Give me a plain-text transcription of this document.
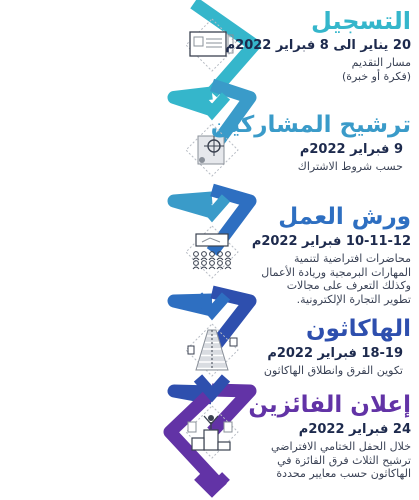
التسجيل
20 يناير الى 8 فبراير 2022م
مسار التقديم
(فكرة أو خبرة)
ترشيح المشاركين
9 فبراير 2022م
حسب شروط الاشتراك
ورش العمل
10-11-12 فبراير 2022م
محاضرات افتراضية لتنمية
المهارات البرمجية وريادة الأعمال
وكذلك التعرف على مجالات
تطوير التجارة الإلكترونية.
الهاكاثون
18-19 فبراير 2022م
تكوين الفرق وانطلاق الهاكاثون
إعلان الفائزين
24 فبراير 2022م
خلال الحفل الختامي الافتراضي
ترشيح الثلاث فرق الفائزة في
الهاكاثون حسب معايير محددة
